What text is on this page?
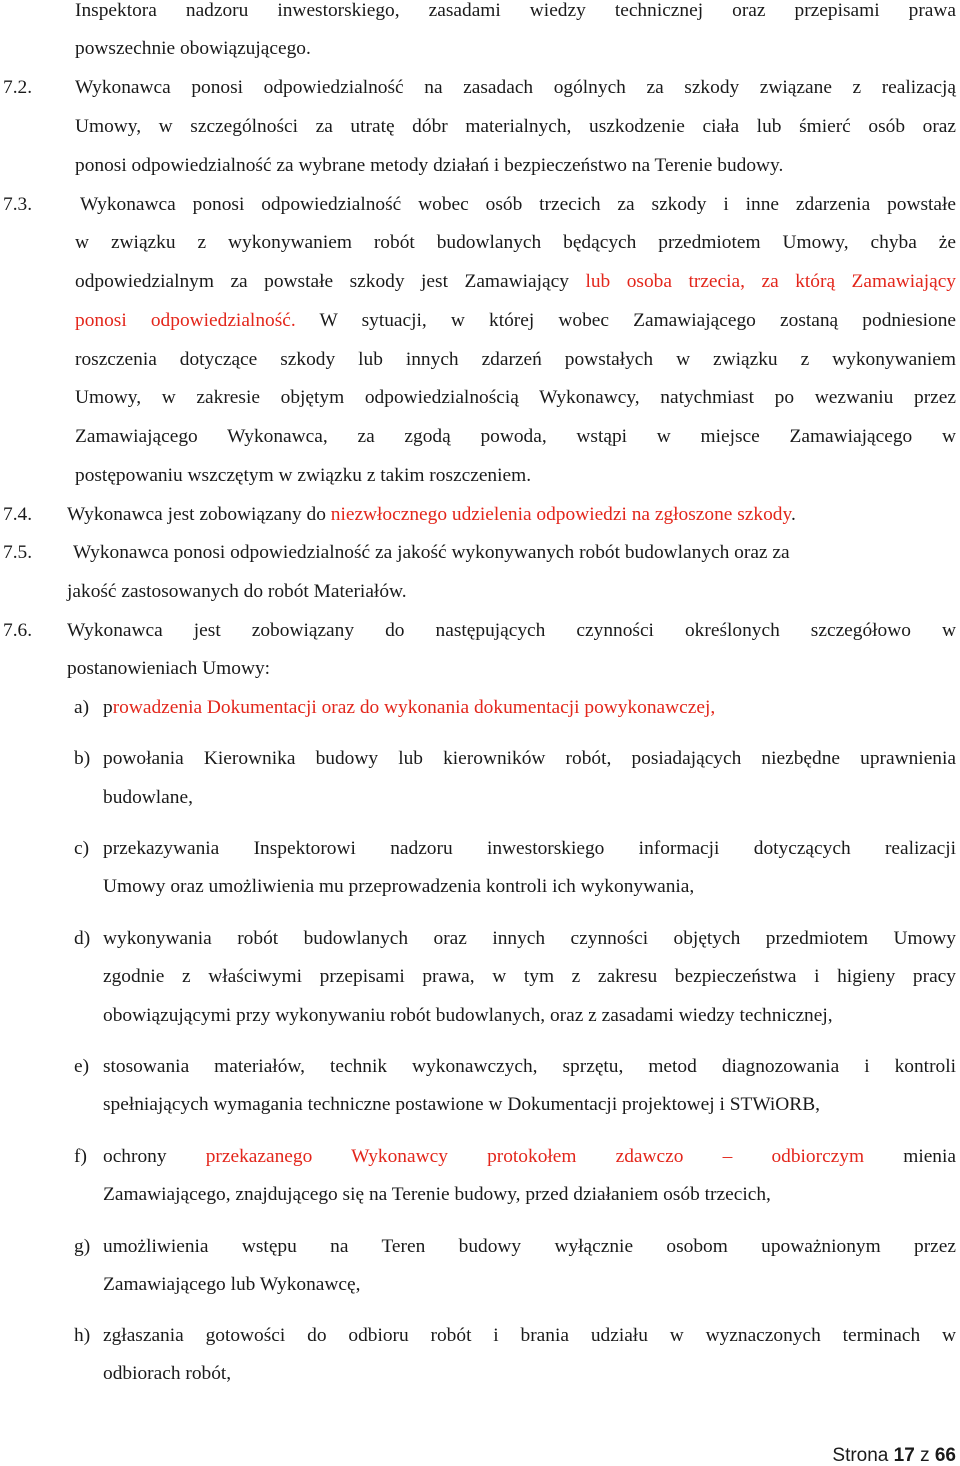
Inspektora nadzoru inwestorskiego, zasadami wiedzy technicznej oraz przepisami prawa
powszechnie obowiązującego.
7.2. Wykonawca ponosi odpowiedzialność na zasadach ogólnych za szkody związane z realizacją
Umowy, w szczególności za utratę dóbr materialnych, uszkodzenie ciała lub śmierć osób oraz
ponosi odpowiedzialność za wybrane metody działań i bezpieczeństwo na Terenie budowy.
7.3. Wykonawca ponosi odpowiedzialność wobec osób trzecich za szkody i inne zdarzenia powstałe
w związku z wykonywaniem robót budowlanych będących przedmiotem Umowy, chyba że
odpowiedzialnym za powstałe szkody jest Zamawiający lub osoba trzecia, za którą Zamawiający
ponosi odpowiedzialność. W sytuacji, w której wobec Zamawiającego zostaną podniesione
roszczenia dotyczące szkody lub innych zdarzeń powstałych w związku z wykonywaniem
Umowy, w zakresie objętym odpowiedzialnością Wykonawcy, natychmiast po wezwaniu przez
Zamawiającego Wykonawca, za zgodą powoda, wstąpi w miejsce Zamawiającego w
postępowaniu wszczętym w związku z takim roszczeniem.
7.4. Wykonawca jest zobowiązany do niezwłocznego udzielenia odpowiedzi na zgłoszone szkody.
7.5. Wykonawca ponosi odpowiedzialność za jakość wykonywanych robót budowlanych oraz za
jakość zastosowanych do robót Materiałów.
7.6. Wykonawca jest zobowiązany do następujących czynności określonych szczegółowo w
postanowieniach Umowy:
a) prowadzenia Dokumentacji oraz do wykonania dokumentacji powykonawczej,
b) powołania Kierownika budowy lub kierowników robót, posiadających niezbędne uprawnienia
budowlane,
c) przekazywania Inspektorowi nadzoru inwestorskiego informacji dotyczących realizacji
Umowy oraz umożliwienia mu przeprowadzenia kontroli ich wykonywania,
d) wykonywania robót budowlanych oraz innych czynności objętych przedmiotem Umowy
zgodnie z właściwymi przepisami prawa, w tym z zakresu bezpieczeństwa i higieny pracy
obowiązującymi przy wykonywaniu robót budowlanych, oraz z zasadami wiedzy technicznej,
e) stosowania materiałów, technik wykonawczych, sprzętu, metod diagnozowania i kontroli
spełniających wymagania techniczne postawione w Dokumentacji projektowej i STWiORB,
f) ochrony przekazanego Wykonawcy protokołem zdawczo – odbiorczym mienia
Zamawiającego, znajdującego się na Terenie budowy, przed działaniem osób trzecich,
g) umożliwienia wstępu na Teren budowy wyłącznie osobom upoważnionym przez
Zamawiającego lub Wykonawcę,
h) zgłaszania gotowości do odbioru robót i brania udziału w wyznaczonych terminach w
odbiorach robót,
Strona 17 z 66
